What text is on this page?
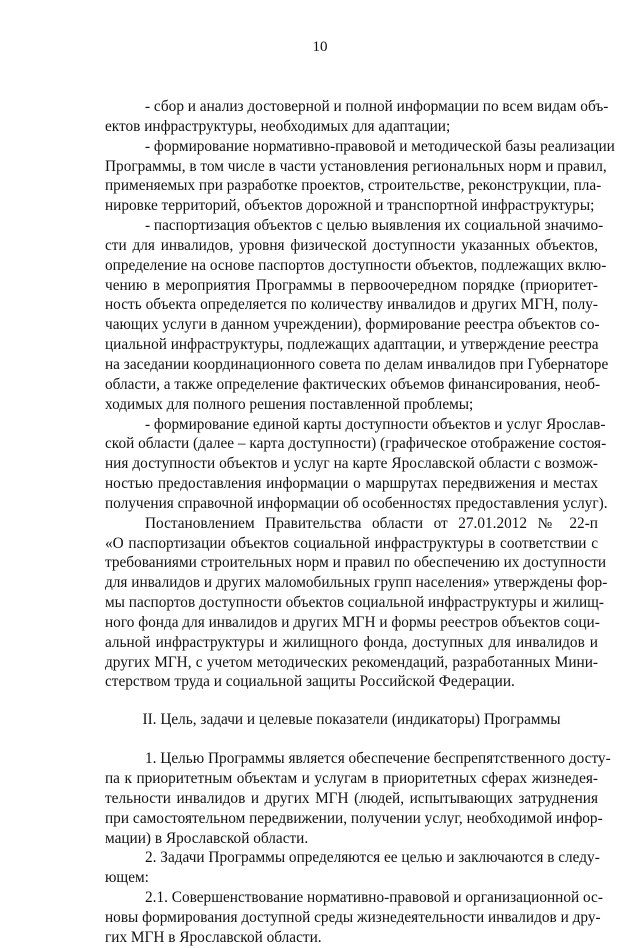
10
- сбор и анализ достоверной и полной информации по всем видам объ-
ектов инфраструктуры, необходимых для адаптации;
- формирование нормативно-правовой и методической базы реализации
Программы, в том числе в части установления региональных норм и правил,
применяемых при разработке проектов, строительстве, реконструкции, пла-
нировке территорий, объектов дорожной и транспортной инфраструктуры;
- паспортизация объектов с целью выявления их социальной значимо-
сти для инвалидов, уровня физической доступности указанных объектов,
определение на основе паспортов доступности объектов, подлежащих вклю-
чению в мероприятия Программы в первоочередном порядке (приоритет-
ность объекта определяется по количеству инвалидов и других МГН, полу-
чающих услуги в данном учреждении), формирование реестра объектов со-
циальной инфраструктуры, подлежащих адаптации, и утверждение реестра
на заседании координационного совета по делам инвалидов при Губернаторе
области, а также определение фактических объемов финансирования, необ-
ходимых для полного решения поставленной проблемы;
- формирование единой карты доступности объектов и услуг Ярослав-
ской области (далее – карта доступности) (графическое отображение состоя-
ния доступности объектов и услуг на карте Ярославской области с возмож-
ностью предоставления информации о маршрутах передвижения и местах
получения справочной информации об особенностях предоставления услуг).
Постановлением Правительства области от 27.01.2012 № 22-п
«О паспортизации объектов социальной инфраструктуры в соответствии с
требованиями строительных норм и правил по обеспечению их доступности
для инвалидов и других маломобильных групп населения» утверждены фор-
мы паспортов доступности объектов социальной инфраструктуры и жилищ-
ного фонда для инвалидов и других МГН и формы реестров объектов соци-
альной инфраструктуры и жилищного фонда, доступных для инвалидов и
других МГН, с учетом методических рекомендаций, разработанных Мини-
стерством труда и социальной защиты Российской Федерации.
II. Цель, задачи и целевые показатели (индикаторы) Программы
1. Целью Программы является обеспечение беспрепятственного досту-
па к приоритетным объектам и услугам в приоритетных сферах жизнедея-
тельности инвалидов и других МГН (людей, испытывающих затруднения
при самостоятельном передвижении, получении услуг, необходимой инфор-
мации) в Ярославской области.
2. Задачи Программы определяются ее целью и заключаются в следу-
ющем:
2.1. Совершенствование нормативно-правовой и организационной ос-
новы формирования доступной среды жизнедеятельности инвалидов и дру-
гих МГН в Ярославской области.
